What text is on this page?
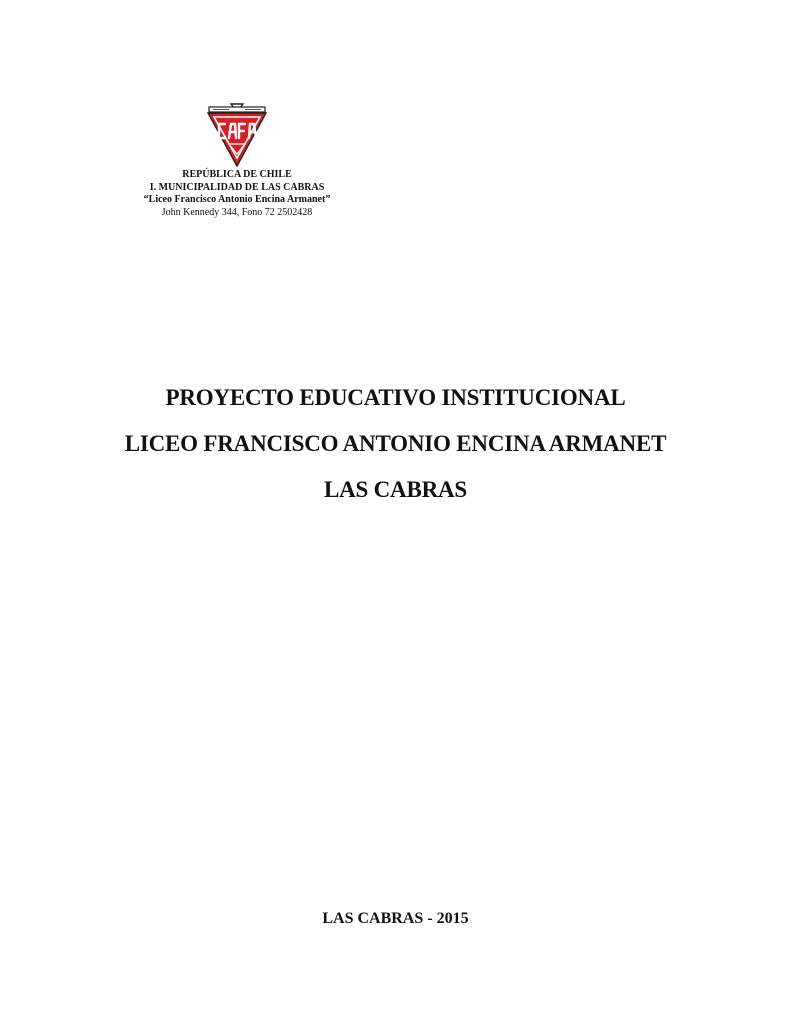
REPÚBLICA DE CHILE
I. MUNICIPALIDAD DE LAS CABRAS
“Liceo Francisco Antonio Encina Armanet”
John Kennedy 344, Fono 72 2502428
PROYECTO EDUCATIVO INSTITUCIONAL
LICEO FRANCISCO ANTONIO ENCINA ARMANET
LAS CABRAS
LAS CABRAS - 2015
